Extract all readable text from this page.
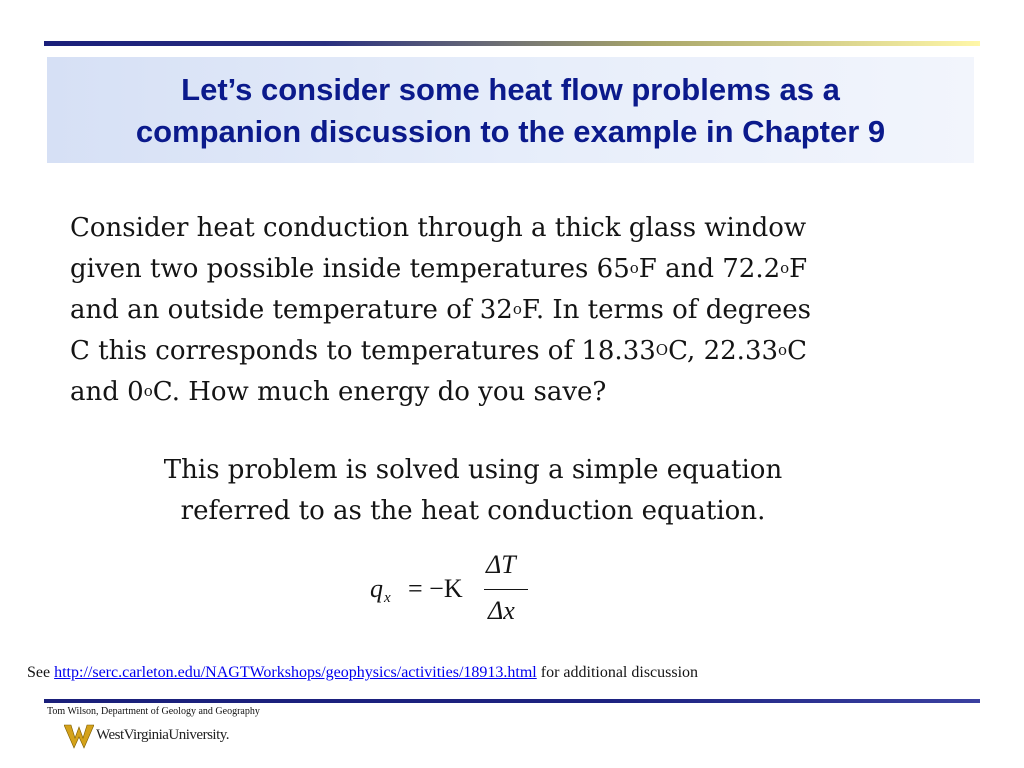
Let’s consider some heat flow problems as a
companion discussion to the example in Chapter 9

Consider heat conduction through a thick glass window
given two possible inside temperatures 65$^o$F and 72.2$^o$F
and an outside temperature of 32$^o$F. In terms of degrees
C this corresponds to temperatures of $18.33^OC$, 22.33$^o$C
and 0$^o$C. How much energy do you save?

This problem is solved using a simple equation
referred to as the heat conduction equation.

q x = −K
ΔT
Δx

See http://serc.carleton.edu/NAGTWorkshops/geophysics/activities/18913.html for additional discussion

Tom Wilson, Department of Geology and Geography
WestVirginiaUniversity.
